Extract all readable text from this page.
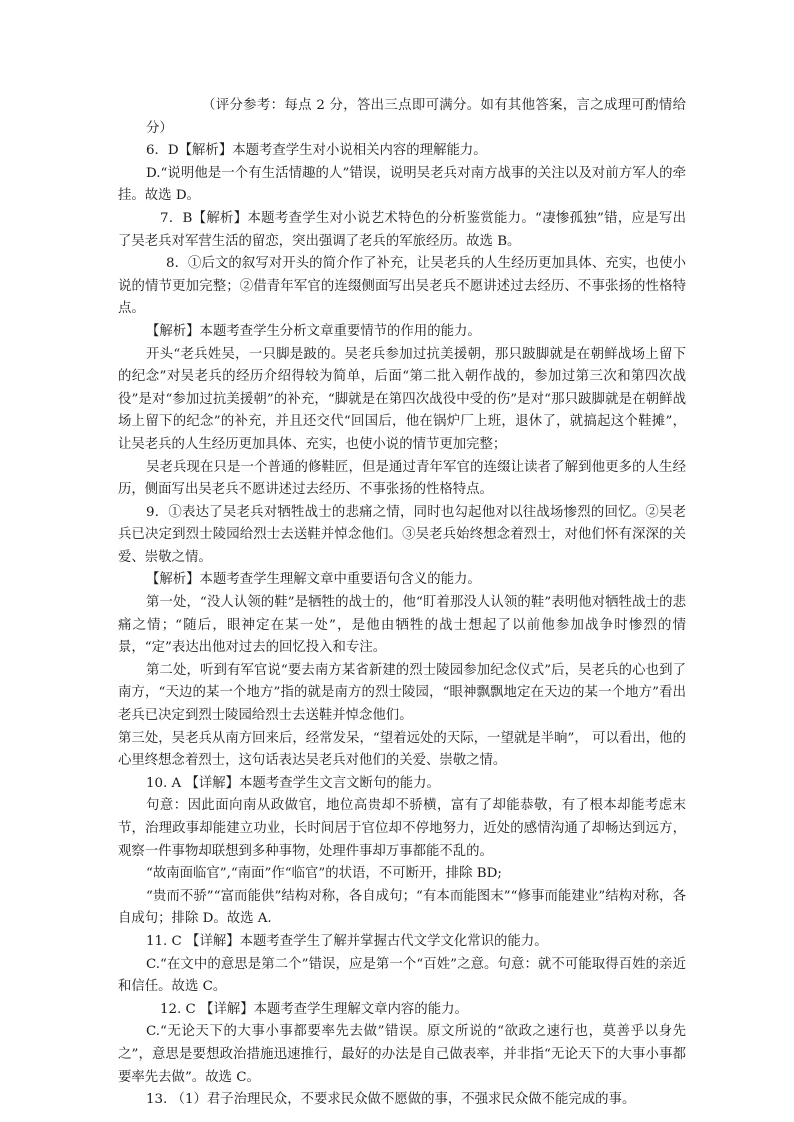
（评分参考：每点 2 分，答出三点即可满分。如有其他答案，言之成理可酌情给分）

6．D【解析】本题考查学生对小说相关内容的理解能力。

D.“说明他是一个有生活情趣的人”错误，说明吴老兵对南方战事的关注以及对前方军人的牵挂。故选 D。

7．B【解析】本题考查学生对小说艺术特色的分析鉴赏能力。“凄惨孤独”错，应是写出了吴老兵对军营生活的留恋，突出强调了老兵的军旅经历。故选 B。

8．①后文的叙写对开头的简介作了补充，让吴老兵的人生经历更加具体、充实，也使小说的情节更加完整；②借青年军官的连缀侧面写出吴老兵不愿讲述过去经历、不事张扬的性格特点。

【解析】本题考查学生分析文章重要情节的作用的能力。

开头“老兵姓吴，一只脚是跛的。吴老兵参加过抗美援朝，那只跛脚就是在朝鲜战场上留下的纪念”对吴老兵的经历介绍得较为简单，后面“第二批入朝作战的，参加过第三次和第四次战役”是对“参加过抗美援朝”的补充，“脚就是在第四次战役中受的伤”是对“那只跛脚就是在朝鲜战场上留下的纪念”的补充，并且还交代“回国后，他在锅炉厂上班，退休了，就搞起这个鞋摊”，让吴老兵的人生经历更加具体、充实，也使小说的情节更加完整；

吴老兵现在只是一个普通的修鞋匠，但是通过青年军官的连缀让读者了解到他更多的人生经历，侧面写出吴老兵不愿讲述过去经历、不事张扬的性格特点。

9．①表达了吴老兵对牺牲战士的悲痛之情，同时也勾起他对以往战场惨烈的回忆。②吴老兵已决定到烈士陵园给烈士去送鞋并悼念他们。③吴老兵始终想念着烈士，对他们怀有深深的关爱、崇敬之情。

【解析】本题考查学生理解文章中重要语句含义的能力。

第一处，“没人认领的鞋”是牺牲的战士的，他“盯着那没人认领的鞋”表明他对牺牲战士的悲痛之情；“随后，眼神定在某一处”，是他由牺牲的战士想起了以前他参加战争时惨烈的情景，“定”表达出他对过去的回忆投入和专注。

第二处，听到有军官说“要去南方某省新建的烈士陵园参加纪念仪式”后，吴老兵的心也到了南方，“天边的某一个地方”指的就是南方的烈士陵园，“眼神飘飘地定在天边的某一个地方”看出老兵已决定到烈士陵园给烈士去送鞋并悼念他们。

第三处，吴老兵从南方回来后，经常发呆，“望着远处的天际，一望就是半晌”， 可以看出，他的心里终想念着烈士，这句话表达吴老兵对他们的关爱、崇敬之情。

10. A 【详解】本题考查学生文言文断句的能力。

句意：因此面向南从政做官，地位高贵却不骄横，富有了却能恭敬，有了根本却能考虑末节，治理政事却能建立功业，长时间居于官位却不停地努力，近处的感情沟通了却畅达到远方，观察一件事物却联想到多种事物，处理件事却万事都能不乱的。

“故南面临官”,“南面”作“临官”的状语，不可断开，排除 BD;

“贵而不骄”“富而能供”结构对称，各自成句；“有本而能图末”“修事而能建业”结构对称，各自成句；排除 D。故选 A.

11. C 【详解】本题考查学生了解并掌握古代文学文化常识的能力。

C.“在文中的意思是第二个”错误，应是第一个“百姓”之意。句意：就不可能取得百姓的亲近和信任。故选 C。

12. C 【详解】本题考查学生理解文章内容的能力。

C.“无论天下的大事小事都要率先去做”错误。原文所说的“欲政之速行也，莫善乎以身先之”，意思是要想政治措施迅速推行，最好的办法是自己做表率，并非指“无论天下的大事小事都要率先去做”。故选 C。

13. （1）君子治理民众，不要求民众做不愿做的事，不强求民众做不能完成的事。
